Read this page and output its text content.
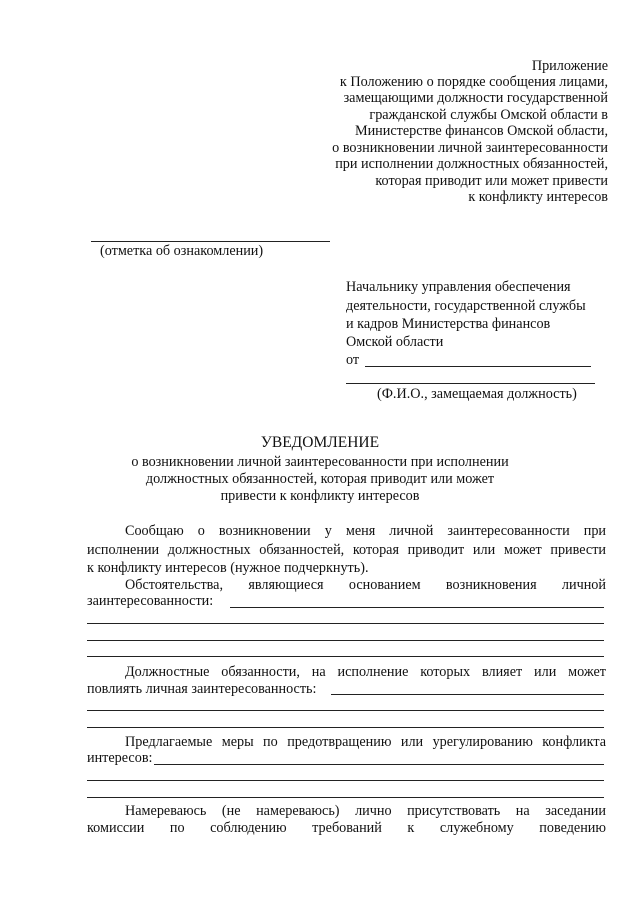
Приложение
к Положению о порядке сообщения лицами,
замещающими должности государственной
гражданской службы Омской области в
Министерстве финансов Омской области,
о возникновении личной заинтересованности
при исполнении должностных обязанностей,
которая приводит или может привести
к конфликту интересов
(отметка об ознакомлении)
Начальнику управления обеспечения
деятельности, государственной службы
и кадров Министерства финансов
Омской области
от
(Ф.И.О., замещаемая должность)
УВЕДОМЛЕНИЕ
о возникновении личной заинтересованности при исполнении
должностных обязанностей, которая приводит или может
привести к конфликту интересов
Сообщаю о возникновении у меня личной заинтересованности при
исполнении должностных обязанностей, которая приводит или может привести
к конфликту интересов (нужное подчеркнуть).
Обстоятельства, являющиеся основанием возникновения личной
заинтересованности:
Должностные обязанности, на исполнение которых влияет или может
повлиять личная заинтересованность:
Предлагаемые меры по предотвращению или урегулированию конфликта
интересов:
Намереваюсь (не намереваюсь) лично присутствовать на заседании
комиссии по соблюдению требований к служебному поведению
